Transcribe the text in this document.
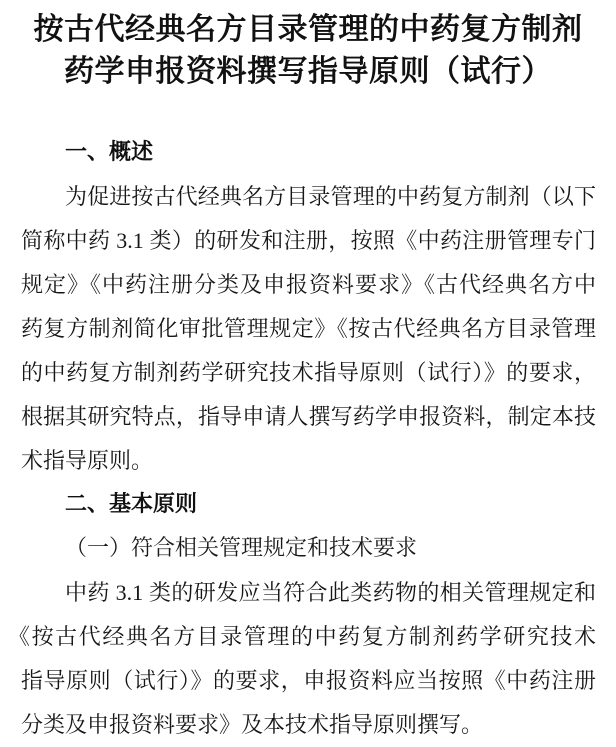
按古代经典名方目录管理的中药复方制剂
药学申报资料撰写指导原则（试行）
一、概述
为促进按古代经典名方目录管理的中药复方制剂（以下
简称中药 3.1 类）的研发和注册，按照《中药注册管理专门
规定》《中药注册分类及申报资料要求》《古代经典名方中
药复方制剂简化审批管理规定》《按古代经典名方目录管理
的中药复方制剂药学研究技术指导原则（试行）》的要求，
根据其研究特点，指导申请人撰写药学申报资料，制定本技
术指导原则。
二、基本原则
（一）符合相关管理规定和技术要求
中药 3.1 类的研发应当符合此类药物的相关管理规定和
《按古代经典名方目录管理的中药复方制剂药学研究技术
指导原则（试行）》的要求，申报资料应当按照《中药注册
分类及申报资料要求》及本技术指导原则撰写。
